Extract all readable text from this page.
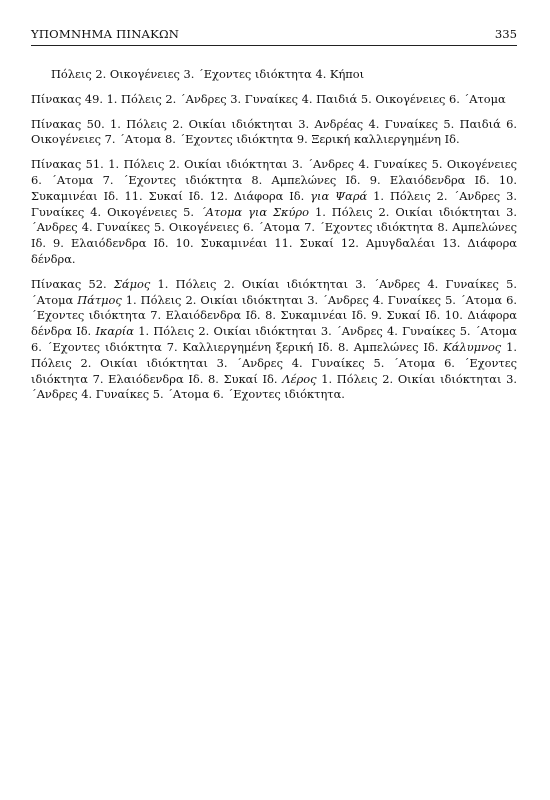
ΥΠΟΜΝΗΜΑ ΠΙΝΑΚΩΝ	335

Πόλεις 2. Οικογένειες 3. ΄Εχοντες ιδιόκτητα 4. Κήποι

Πίνακας 49. 1. Πόλεις 2. ΄Ανδρες 3. Γυναίκες 4. Παιδιά 5. Οικογένειες 6. ΄Ατομα

Πίνακας 50. 1. Πόλεις 2. Οικίαι ιδιόκτηται 3. Ανδρέας 4. Γυναίκες 5. Παιδιά 6. Οικογένειες 7. ΄Ατομα 8. ΄Εχοντες ιδιόκτητα 9. Ξερική καλλιεργημένη Ιδ.

Πίνακας 51. 1. Πόλεις 2. Οικίαι ιδιόκτηται 3. ΄Ανδρες 4. Γυναίκες 5. Οικογένειες 6. ΄Ατομα 7. ΄Εχοντες ιδιόκτητα 8. Αμπελώνες Ιδ. 9. Ελαιόδενδρα Ιδ. 10. Συκαμινέαι Ιδ. 11. Συκαί Ιδ. 12. Διάφορα Ιδ. για Ψαρά 1. Πόλεις 2. ΄Ανδρες 3. Γυναίκες 4. Οικογένειες 5. ΄Ατομα για Σκύρο 1. Πόλεις 2. Οικίαι ιδιόκτηται 3. ΄Ανδρες 4. Γυναίκες 5. Οικογένειες 6. ΄Ατομα 7. ΄Εχοντες ιδιόκτητα 8. Αμπελώνες Ιδ. 9. Ελαιόδενδρα Ιδ. 10. Συκαμινέαι 11. Συκαί 12. Αμυγδαλέαι 13. Διάφορα δένδρα.

Πίνακας 52. Σάμος 1. Πόλεις 2. Οικίαι ιδιόκτηται 3. ΄Ανδρες 4. Γυναίκες 5. ΄Ατομα Πάτμος 1. Πόλεις 2. Οικίαι ιδιόκτηται 3. ΄Ανδρες 4. Γυναίκες 5. ΄Ατομα 6. ΄Εχοντες ιδιόκτητα 7. Ελαιόδενδρα Ιδ. 8. Συκαμινέαι Ιδ. 9. Συκαί Ιδ. 10. Διάφορα δένδρα Ιδ. Ικαρία 1. Πόλεις 2. Οικίαι ιδιόκτηται 3. ΄Ανδρες 4. Γυναίκες 5. ΄Ατομα 6. ΄Εχοντες ιδιόκτητα 7. Καλλιεργημένη ξερική Ιδ. 8. Αμπελώνες Ιδ. Κάλυμνος 1. Πόλεις 2. Οικίαι ιδιόκτηται 3. ΄Ανδρες 4. Γυναίκες 5. ΄Ατομα 6. ΄Εχοντες ιδιόκτητα 7. Ελαιόδενδρα Ιδ. 8. Συκαί Ιδ. Λέρος 1. Πόλεις 2. Οικίαι ιδιόκτηται 3. ΄Ανδρες 4. Γυναίκες 5. ΄Ατομα 6. ΄Εχοντες ιδιόκτητα.
